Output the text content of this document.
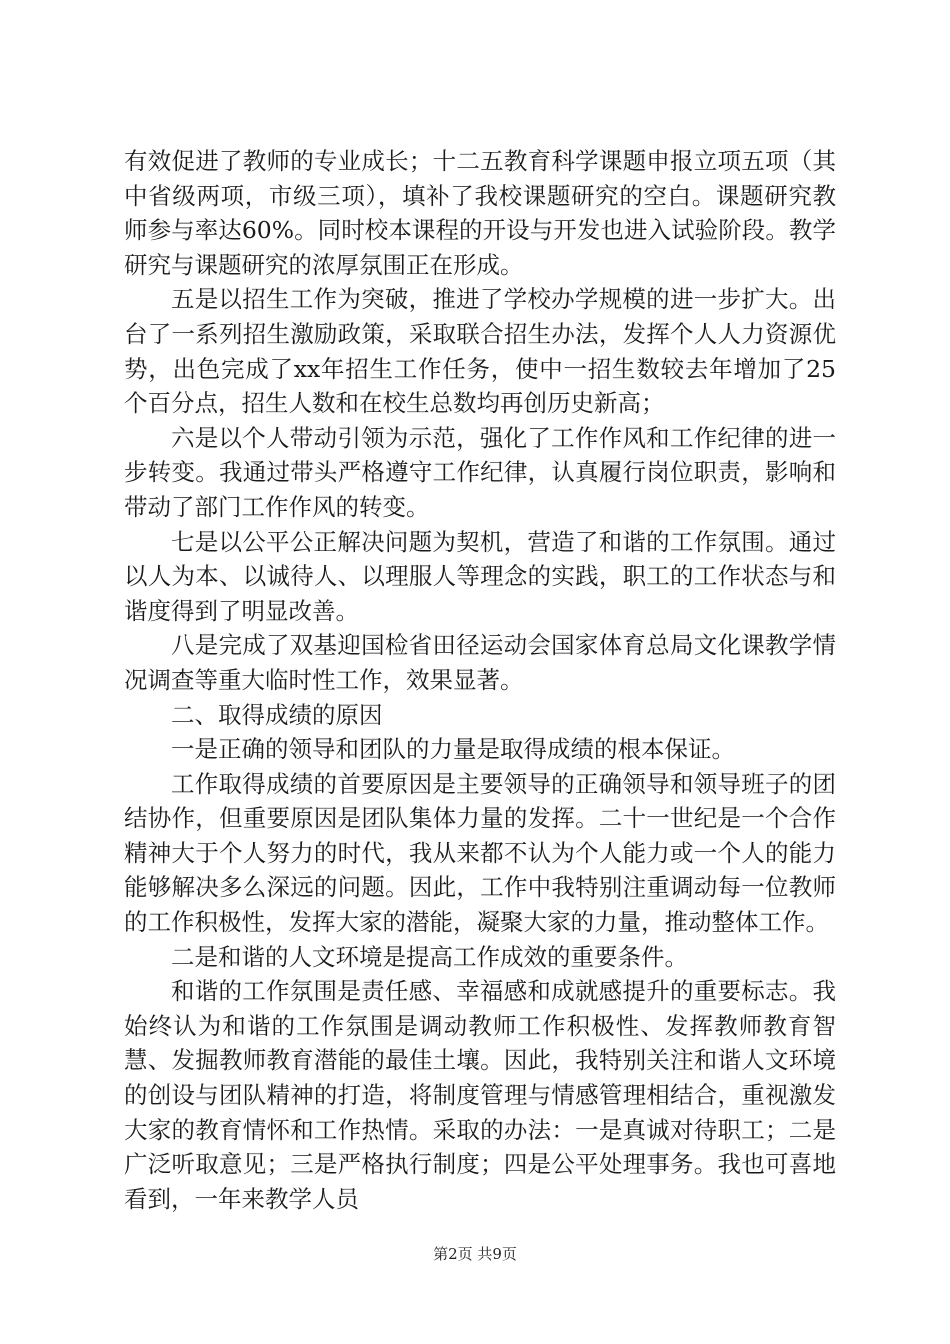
有效促进了教师的专业成长；十二五教育科学课题申报立项五项（其中省级两项，市级三项），填补了我校课题研究的空白。课题研究教师参与率达60%。同时校本课程的开设与开发也进入试验阶段。教学研究与课题研究的浓厚氛围正在形成。

五是以招生工作为突破，推进了学校办学规模的进一步扩大。出台了一系列招生激励政策，采取联合招生办法，发挥个人人力资源优势，出色完成了xx年招生工作任务，使中一招生数较去年增加了25个百分点，招生人数和在校生总数均再创历史新高；

六是以个人带动引领为示范，强化了工作作风和工作纪律的进一步转变。我通过带头严格遵守工作纪律，认真履行岗位职责，影响和带动了部门工作作风的转变。

七是以公平公正解决问题为契机，营造了和谐的工作氛围。通过以人为本、以诚待人、以理服人等理念的实践，职工的工作状态与和谐度得到了明显改善。

八是完成了双基迎国检省田径运动会国家体育总局文化课教学情况调查等重大临时性工作，效果显著。

二、取得成绩的原因

一是正确的领导和团队的力量是取得成绩的根本保证。

工作取得成绩的首要原因是主要领导的正确领导和领导班子的团结协作，但重要原因是团队集体力量的发挥。二十一世纪是一个合作精神大于个人努力的时代，我从来都不认为个人能力或一个人的能力能够解决多么深远的问题。因此，工作中我特别注重调动每一位教师的工作积极性，发挥大家的潜能，凝聚大家的力量，推动整体工作。

二是和谐的人文环境是提高工作成效的重要条件。

和谐的工作氛围是责任感、幸福感和成就感提升的重要标志。我始终认为和谐的工作氛围是调动教师工作积极性、发挥教师教育智慧、发掘教师教育潜能的最佳土壤。因此，我特别关注和谐人文环境的创设与团队精神的打造，将制度管理与情感管理相结合，重视激发大家的教育情怀和工作热情。采取的办法：一是真诚对待职工；二是广泛听取意见；三是严格执行制度；四是公平处理事务。我也可喜地看到，一年来教学人员

第2页 共9页
